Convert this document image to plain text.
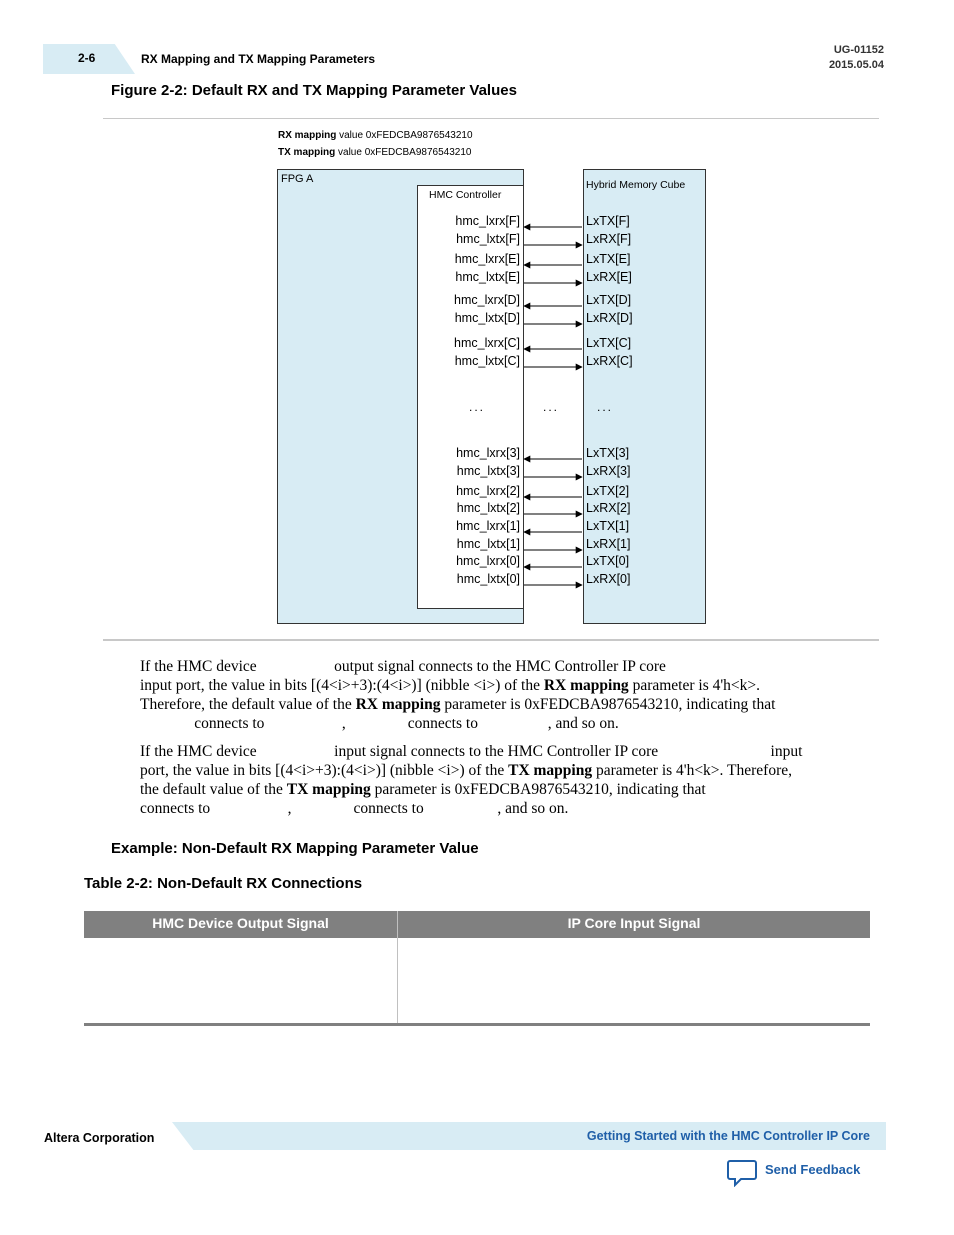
2-6	RX Mapping and TX Mapping Parameters
UG-01152
2015.05.04
Figure 2-2: Default RX and TX Mapping Parameter Values
RX mapping value 0xFEDCBA9876543210
TX mapping value 0xFEDCBA9876543210
FPG A
HMC Controller
Hybrid Memory Cube
hmc_lxrx[F]	LxTX[F]
hmc_lxtx[F]	LxRX[F]
hmc_lxrx[E]	LxTX[E]
hmc_lxtx[E]	LxRX[E]
hmc_lxrx[D]	LxTX[D]
hmc_lxtx[D]	LxRX[D]
hmc_lxrx[C]	LxTX[C]
hmc_lxtx[C]	LxRX[C]
hmc_lxrx[3]	LxTX[3]
hmc_lxtx[3]	LxRX[3]
hmc_lxrx[2]	LxTX[2]
hmc_lxtx[2]	LxRX[2]
hmc_lxrx[1]	LxTX[1]
hmc_lxtx[1]	LxRX[1]
hmc_lxrx[0]	LxTX[0]
hmc_lxtx[0]	LxRX[0]
...	...	...
If the HMC device                    output signal connects to the HMC Controller IP core
input port, the value in bits [(4<i>+3):(4<i>)] (nibble <i>) of the RX mapping parameter is 4'h<k>.
Therefore, the default value of the RX mapping parameter is 0xFEDCBA9876543210, indicating that
connects to                    ,                connects to                  , and so on.
If the HMC device                    input signal connects to the HMC Controller IP core                             input
port, the value in bits [(4<i>+3):(4<i>)] (nibble <i>) of the TX mapping parameter is 4'h<k>. Therefore,
the default value of the TX mapping parameter is 0xFEDCBA9876543210, indicating that
connects to                    ,                connects to                   , and so on.
Example: Non-Default RX Mapping Parameter Value
Table 2-2: Non-Default RX Connections
HMC Device Output Signal	IP Core Input Signal
Altera Corporation	Getting Started with the HMC Controller IP Core
Send Feedback
